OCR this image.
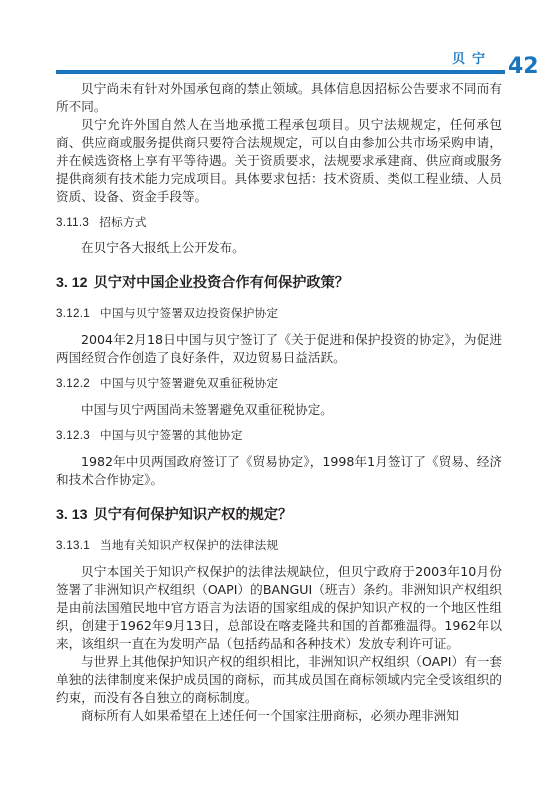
贝宁 42

贝宁尚未有针对外国承包商的禁止领域。具体信息因招标公告要求不同而有所不同。

贝宁允许外国自然人在当地承揽工程承包项目。贝宁法规规定，任何承包商、供应商或服务提供商只要符合法规规定，可以自由参加公共市场采购申请，并在候选资格上享有平等待遇。关于资质要求，法规要求承建商、供应商或服务提供商须有技术能力完成项目。具体要求包括：技术资质、类似工程业绩、人员资质、设备、资金手段等。

3.11.3 招标方式

在贝宁各大报纸上公开发布。

3. 12 贝宁对中国企业投资合作有何保护政策？
3.12.1 中国与贝宁签署双边投资保护协定

2004年2月18日中国与贝宁签订了《关于促进和保护投资的协定》，为促进两国经贸合作创造了良好条件，双边贸易日益活跃。

3.12.2 中国与贝宁签署避免双重征税协定

中国与贝宁两国尚未签署避免双重征税协定。

3.12.3 中国与贝宁签署的其他协定

1982年中贝两国政府签订了《贸易协定》，1998年1月签订了《贸易、经济和技术合作协定》。

3. 13 贝宁有何保护知识产权的规定？
3.13.1 当地有关知识产权保护的法律法规

贝宁本国关于知识产权保护的法律法规缺位，但贝宁政府于2003年10月份签署了非洲知识产权组织（OAPI）的BANGUI（班吉）条约。非洲知识产权组织是由前法国殖民地中官方语言为法语的国家组成的保护知识产权的一个地区性组织，创建于1962年9月13日，总部设在喀麦隆共和国的首都雅温得。1962年以来，该组织一直在为发明产品（包括药品和各种技术）发放专利许可证。

与世界上其他保护知识产权的组织相比，非洲知识产权组织（OAPI）有一套单独的法律制度来保护成员国的商标，而其成员国在商标领域内完全受该组织的约束，而没有各自独立的商标制度。

商标所有人如果希望在上述任何一个国家注册商标，必须办理非洲知
